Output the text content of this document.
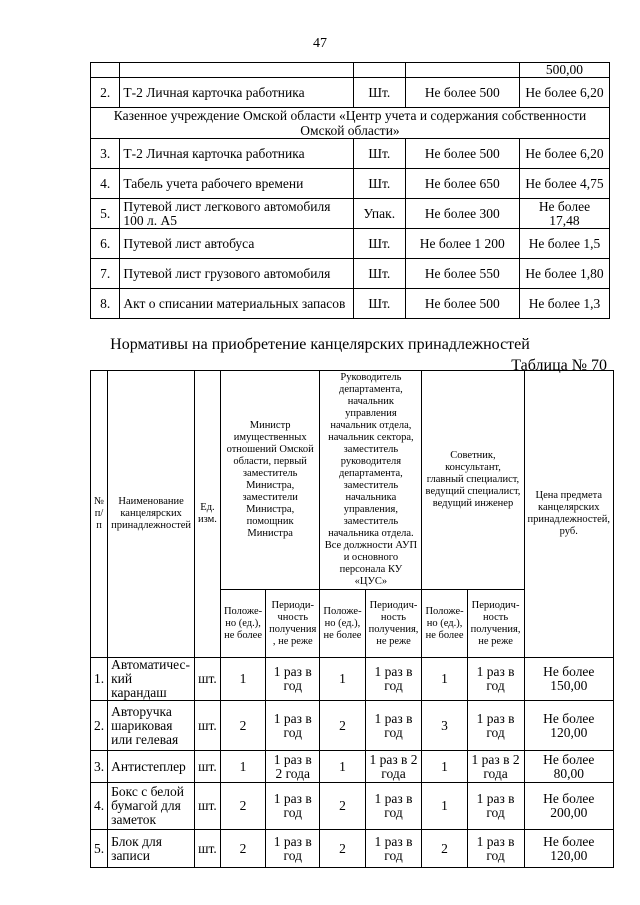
47
				500,00
2.	Т-2 Личная карточка работника	Шт.	Не более 500	Не более 6,20
Казенное учреждение Омской области «Центр учета и содержания собственности Омской области»				
3.	Т-2 Личная карточка работника	Шт.	Не более 500	Не более 6,20
4.	Табель учета рабочего времени	Шт.	Не более 650	Не более 4,75
5.	Путевой лист легкового автомобиля 100 л. А5	Упак.	Не более 300	Не более 17,48
6.	Путевой лист автобуса	Шт.	Не более 1 200	Не более 1,5
7.	Путевой лист грузового автомобиля	Шт.	Не более 550	Не более 1,80
8.	Акт о списании материальных запасов	Шт.	Не более 500	Не более 1,3
Нормативы на приобретение канцелярских принадлежностей
Таблица № 70
№ п/п	Наименование канцелярских принадлежностей	Ед. изм.	Министр имущественных отношений Омской области, первый заместитель Министра, заместители Министра, помощник Министра		Руководитель департамента, начальник управления начальник отдела, начальник сектора, заместитель руководителя департамента, заместитель начальника управления, заместитель начальника отдела. Все должности АУП и основного персонала КУ «ЦУС»		Советник, консультант, главный специалист, ведущий специалист, ведущий инженер		Цена предмета канцелярских принадлежностей, руб.
			Положе-но (ед.), не более	Периоди-чность получения , не реже	Положе-но (ед.), не более	Периодич-ность получения, не реже	Положе-но (ед.), не более	Периодич-ность получения, не реже	
1.	Автоматичес-кий карандаш	шт.	1	1 раз в год	1	1 раз в год	1	1 раз в год	Не более 150,00
2.	Авторучка шариковая или гелевая	шт.	2	1 раз в год	2	1 раз в год	3	1 раз в год	Не более 120,00
3.	Антистеплер	шт.	1	1 раз в 2 года	1	1 раз в 2 года	1	1 раз в 2 года	Не более 80,00
4.	Бокс с белой бумагой для заметок	шт.	2	1 раз в год	2	1 раз в год	1	1 раз в год	Не более 200,00
5.	Блок для записи	шт.	2	1 раз в год	2	1 раз в год	2	1 раз в год	Не более 120,00
